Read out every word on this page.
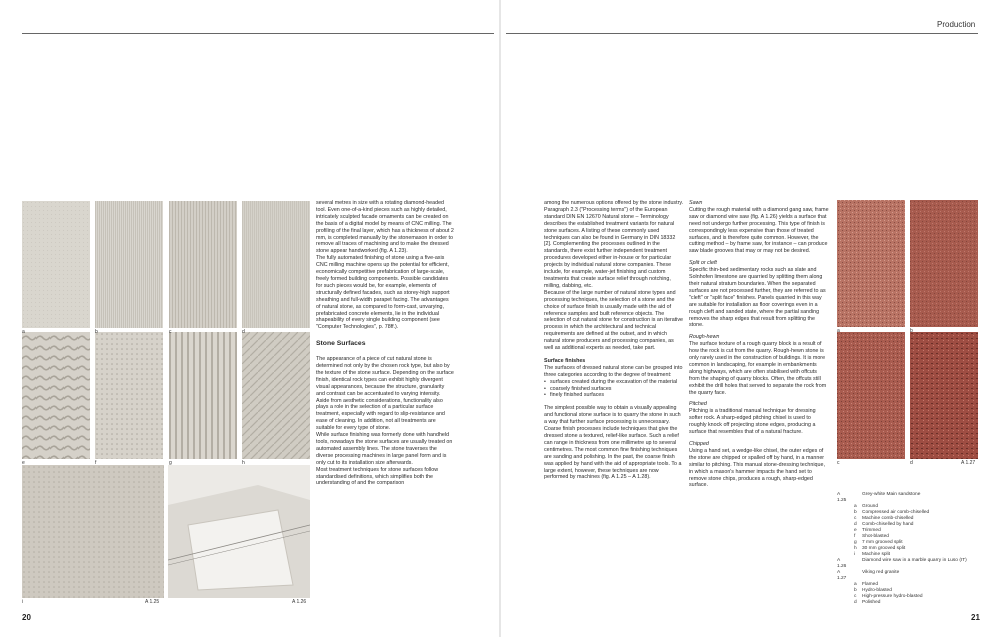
a	b	c	d
e	f	g	h
i	A 1.25	A 1.26

several metres in size with a rotating diamond-headed tool. Even one-of-a-kind pieces such as highly detailed, intricately sculpted facade ornaments can be created on the basis of a digital model by means of CNC milling. The profiling of the final layer, which has a thickness of about 2 mm, is completed manually by the stonemason in order to remove all traces of machining and to make the dressed stone appear handworked (fig. A 1.23).

The fully automated finishing of stone using a five-axis CNC milling machine opens up the potential for efficient, economically competitive prefabrication of large-scale, freely formed building components. Possible candidates for such pieces would be, for example, elements of structurally defined facades, such as storey-high support sheathing and full-width parapet facing. The advantages of natural stone, as compared to form-cast, unvarying, prefabricated concrete elements, lie in the individual shapeability of every single building component (see "Computer Technologies", p. 78ff.).

Stone Surfaces

The appearance of a piece of cut natural stone is determined not only by the chosen rock type, but also by the texture of the stone surface. Depending on the surface finish, identical rock types can exhibit highly divergent visual appearances, because the structure, granularity and contrast can be accentuated to varying intensity.

Aside from aesthetic considerations, functionality also plays a role in the selection of a particular surface treatment, especially with regard to slip-resistance and ease of cleaning. In addition, not all treatments are suitable for every type of stone.

While surface finishing was formerly done with handheld tools, nowadays the stone surfaces are usually treated on automated assembly lines. The stone traverses the diverse processing machines in large panel form and is only cut to its installation size afterwards.

Most treatment techniques for stone surfaces follow standardised definitions, which simplifies both the understanding of and the comparison

20
Production

among the numerous options offered by the stone industry. Paragraph 2.3 ("Processing terms") of the European standard DIN EN 12670 Natural stone – Terminology describes the established treatment variants for natural stone surfaces. A listing of these commonly used techniques can also be found in Germany in DIN 18332 [2]. Complementing the processes outlined in the standards, there exist further independent treatment procedures developed either in-house or for particular projects by individual natural stone companies. These include, for example, water-jet finishing and custom treatments that create surface relief through notching, milling, dabbing, etc.

Because of the large number of natural stone types and processing techniques, the selection of a stone and the choice of surface finish is usually made with the aid of reference samples and built reference objects. The selection of cut natural stone for construction is an iterative process in which the architectural and technical requirements are defined at the outset, and in which natural stone producers and processing companies, as well as additional experts as needed, take part.

Surface finishes

The surfaces of dressed natural stone can be grouped into three categories according to the degree of treatment:

• surfaces created during the excavation of the material
• coarsely finished surfaces
• finely finished surfaces

The simplest possible way to obtain a visually appealing and functional stone surface is to quarry the stone in such a way that further surface processing is unnecessary.

Coarse finish processes include techniques that give the dressed stone a textured, relief-like surface. Such a relief can range in thickness from one millimetre up to several centimetres. The most common fine finishing techniques are sanding and polishing. In the past, the coarse finish was applied by hand with the aid of appropriate tools. To a large extent, however, these techniques are now performed by machines (fig. A 1.25 – A 1.28).

Sawn

Cutting the rough material with a diamond gang saw, frame saw or diamond wire saw (fig. A 1.26) yields a surface that need not undergo further processing. This type of finish is correspondingly less expensive than those of treated surfaces, and is therefore quite common. However, the cutting method – by frame saw, for instance – can produce saw blade grooves that may or may not be desired.

Split or cleft

Specific thin-bed sedimentary rocks such as slate and Solnhofen limestone are quarried by splitting them along their natural stratum boundaries. When the separated surfaces are not processed further, they are referred to as "cleft" or "split face" finishes. Panels quarried in this way are suitable for installation as floor coverings even in a rough cleft and sanded state, where the partial sanding removes the sharp edges that result from splitting the stone.

Rough-hewn

The surface texture of a rough quarry block is a result of how the rock is cut from the quarry. Rough-hewn stone is only rarely used in the construction of buildings. It is more common in landscaping, for example in embankments along highways, which are often stabilised with offcuts from the shaping of quarry blocks. Often, the offcuts still exhibit the drill holes that served to separate the rock from the quarry face.

Pitched

Pitching is a traditional manual technique for dressing softer rock. A sharp-edged pitching chisel is used to roughly knock off projecting stone edges, producing a surface that resembles that of a natural fracture.

Chipped

Using a hand set, a wedge-like chisel, the outer edges of the stone are chipped or spalled off by hand, in a manner similar to pitching. This manual stone-dressing technique, in which a mason's hammer impacts the hand set to remove stone chips, produces a rough, sharp-edged surface.

a	b
c	d	A 1.27
A 1.25
Grey-white Main sandstone
a	Ground
b	Compressed air comb-chiselled
c	Machine comb-chiselled
d	Comb-chiselled by hand
e	Trimmed
f	Shot-blasted
g	7 mm grooved split
h	30 mm grooved split
i	Machine split
A 1.26
Diamond wire saw in a marble quarry in Luso (IT)
A 1.27
Viking red granite
a	Flamed
b	Hydro-blasted
c	High-pressure hydro-blasted
d	Polished
21
